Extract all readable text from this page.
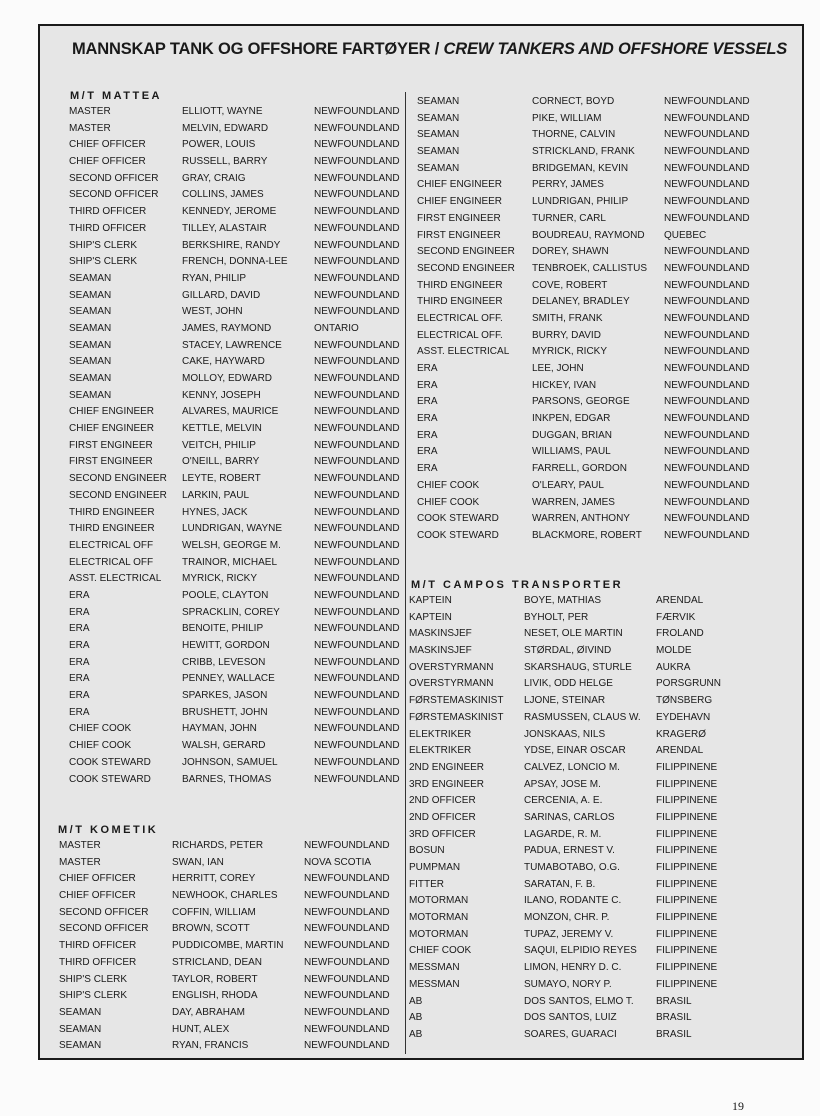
MANNSKAP TANK OG OFFSHORE FARTØYER / CREW TANKERS AND OFFSHORE VESSELS
M/T MATTEA
MASTER	ELLIOTT, WAYNE	NEWFOUNDLAND
MASTER	MELVIN, EDWARD	NEWFOUNDLAND
CHIEF OFFICER	POWER, LOUIS	NEWFOUNDLAND
CHIEF OFFICER	RUSSELL, BARRY	NEWFOUNDLAND
SECOND OFFICER GRAY, CRAIG	NEWFOUNDLAND
SECOND OFFICER COLLINS, JAMES	NEWFOUNDLAND
THIRD OFFICER	KENNEDY, JEROME	NEWFOUNDLAND
THIRD OFFICER	TILLEY, ALASTAIR	NEWFOUNDLAND
SHIP'S CLERK	BERKSHIRE, RANDY	NEWFOUNDLAND
SHIP'S CLERK	FRENCH, DONNA-LEE	NEWFOUNDLAND
SEAMAN	RYAN, PHILIP	NEWFOUNDLAND
SEAMAN	GILLARD, DAVID	NEWFOUNDLAND
SEAMAN	WEST, JOHN	NEWFOUNDLAND
SEAMAN	JAMES, RAYMOND	ONTARIO
SEAMAN	STACEY, LAWRENCE	NEWFOUNDLAND
SEAMAN	CAKE, HAYWARD	NEWFOUNDLAND
SEAMAN	MOLLOY, EDWARD	NEWFOUNDLAND
SEAMAN	KENNY, JOSEPH	NEWFOUNDLAND
CHIEF ENGINEER	ALVARES, MAURICE	NEWFOUNDLAND
CHIEF ENGINEER	KETTLE, MELVIN	NEWFOUNDLAND
FIRST ENGINEER	VEITCH, PHILIP	NEWFOUNDLAND
FIRST ENGINEER	O'NEILL, BARRY	NEWFOUNDLAND
SECOND ENGINEER LEYTE, ROBERT	NEWFOUNDLAND
SECOND ENGINEER LARKIN, PAUL	NEWFOUNDLAND
THIRD ENGINEER	HYNES, JACK	NEWFOUNDLAND
THIRD ENGINEER	LUNDRIGAN, WAYNE	NEWFOUNDLAND
ELECTRICAL OFF	WELSH, GEORGE M.	NEWFOUNDLAND
ELECTRICAL OFF	TRAINOR, MICHAEL	NEWFOUNDLAND
ASST. ELECTRICAL MYRICK, RICKY	NEWFOUNDLAND
ERA	POOLE, CLAYTON	NEWFOUNDLAND
ERA	SPRACKLIN, COREY	NEWFOUNDLAND
ERA	BENOITE, PHILIP	NEWFOUNDLAND
ERA	HEWITT, GORDON	NEWFOUNDLAND
ERA	CRIBB, LEVESON	NEWFOUNDLAND
ERA	PENNEY, WALLACE	NEWFOUNDLAND
ERA	SPARKES, JASON	NEWFOUNDLAND
ERA	BRUSHETT, JOHN	NEWFOUNDLAND
CHIEF COOK	HAYMAN, JOHN	NEWFOUNDLAND
CHIEF COOK	WALSH, GERARD	NEWFOUNDLAND
COOK STEWARD	JOHNSON, SAMUEL	NEWFOUNDLAND
COOK STEWARD	BARNES, THOMAS	NEWFOUNDLAND
M/T KOMETIK
MASTER	RICHARDS, PETER	NEWFOUNDLAND
MASTER	SWAN, IAN	NOVA SCOTIA
CHIEF OFFICER	HERRITT, COREY	NEWFOUNDLAND
CHIEF OFFICER	NEWHOOK, CHARLES	NEWFOUNDLAND
SECOND OFFICER COFFIN, WILLIAM	NEWFOUNDLAND
SECOND OFFICER BROWN, SCOTT	NEWFOUNDLAND
THIRD OFFICER	PUDDICOMBE, MARTIN NEWFOUNDLAND
THIRD OFFICER	STRICLAND, DEAN	NEWFOUNDLAND
SHIP'S CLERK	TAYLOR, ROBERT	NEWFOUNDLAND
SHIP'S CLERK	ENGLISH, RHODA	NEWFOUNDLAND
SEAMAN	DAY, ABRAHAM	NEWFOUNDLAND
SEAMAN	HUNT, ALEX	NEWFOUNDLAND
SEAMAN	RYAN, FRANCIS	NEWFOUNDLAND
SEAMAN	CORNECT, BOYD	NEWFOUNDLAND
SEAMAN	PIKE, WILLIAM	NEWFOUNDLAND
SEAMAN	THORNE, CALVIN	NEWFOUNDLAND
SEAMAN	STRICKLAND, FRANK	NEWFOUNDLAND
SEAMAN	BRIDGEMAN, KEVIN	NEWFOUNDLAND
CHIEF ENGINEER	PERRY, JAMES	NEWFOUNDLAND
CHIEF ENGINEER	LUNDRIGAN, PHILIP	NEWFOUNDLAND
FIRST ENGINEER	TURNER, CARL	NEWFOUNDLAND
FIRST ENGINEER	BOUDREAU, RAYMOND QUEBEC
SECOND ENGINEER DOREY, SHAWN	NEWFOUNDLAND
SECOND ENGINEER TENBROEK, CALLISTUS NEWFOUNDLAND
THIRD ENGINEER	COVE, ROBERT	NEWFOUNDLAND
THIRD ENGINEER	DELANEY, BRADLEY	NEWFOUNDLAND
ELECTRICAL OFF.	SMITH, FRANK	NEWFOUNDLAND
ELECTRICAL OFF.	BURRY, DAVID	NEWFOUNDLAND
ASST. ELECTRICAL MYRICK, RICKY	NEWFOUNDLAND
ERA	LEE, JOHN	NEWFOUNDLAND
ERA	HICKEY, IVAN	NEWFOUNDLAND
ERA	PARSONS, GEORGE	NEWFOUNDLAND
ERA	INKPEN, EDGAR	NEWFOUNDLAND
ERA	DUGGAN, BRIAN	NEWFOUNDLAND
ERA	WILLIAMS, PAUL	NEWFOUNDLAND
ERA	FARRELL, GORDON	NEWFOUNDLAND
CHIEF COOK	O'LEARY, PAUL	NEWFOUNDLAND
CHIEF COOK	WARREN, JAMES	NEWFOUNDLAND
COOK STEWARD	WARREN, ANTHONY	NEWFOUNDLAND
COOK STEWARD	BLACKMORE, ROBERT NEWFOUNDLAND
M/T CAMPOS TRANSPORTER
KAPTEIN	BOYE, MATHIAS	ARENDAL
KAPTEIN	BYHOLT, PER	FÆRVIK
MASKINSJEF	NESET, OLE MARTIN	FROLAND
MASKINSJEF	STØRDAL, ØIVIND	MOLDE
OVERSTYRMANN	SKARSHAUG, STURLE AUKRA
OVERSTYRMANN	LIVIK, ODD HELGE	PORSGRUNN
FØRSTEMASKINIST LJONE, STEINAR	TØNSBERG
FØRSTEMASKINIST RASMUSSEN, CLAUS W. EYDEHAVN
ELEKTRIKER	JONSKAAS, NILS	KRAGERØ
ELEKTRIKER	YDSE, EINAR OSCAR	ARENDAL
2ND ENGINEER	CALVEZ, LONCIO M.	FILIPPINENE
3RD ENGINEER	APSAY, JOSE M.	FILIPPINENE
2ND OFFICER	CERCENIA, A. E.	FILIPPINENE
2ND OFFICER	SARINAS, CARLOS	FILIPPINENE
3RD OFFICER	LAGARDE, R. M.	FILIPPINENE
BOSUN	PADUA, ERNEST V.	FILIPPINENE
PUMPMAN	TUMABOTABO, O.G.	FILIPPINENE
FITTER	SARATAN, F. B.	FILIPPINENE
MOTORMAN	ILANO, RODANTE C.	FILIPPINENE
MOTORMAN	MONZON, CHR. P.	FILIPPINENE
MOTORMAN	TUPAZ, JEREMY V.	FILIPPINENE
CHIEF COOK	SAQUI, ELPIDIO REYES FILIPPINENE
MESSMAN	LIMON, HENRY D. C.	FILIPPINENE
MESSMAN	SUMAYO, NORY P.	FILIPPINENE
AB	DOS SANTOS, ELMO T. BRASIL
AB	DOS SANTOS, LUIZ	BRASIL
AB	SOARES, GUARACI	BRASIL
19
